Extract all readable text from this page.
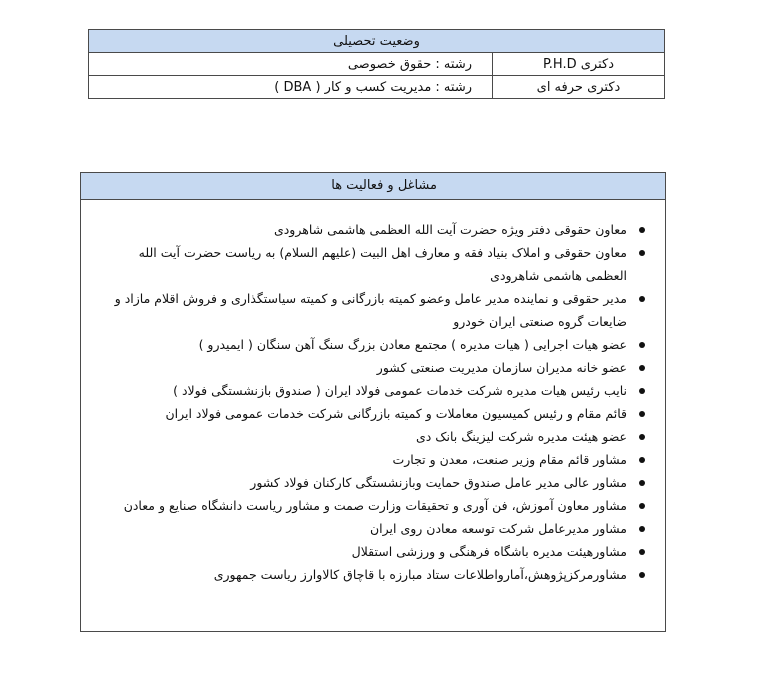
وضعیت تحصیلی	
دکتری P.H.D	رشته : حقوق خصوصی
دکتری حرفه ای	رشته : مدیریت کسب و کار ( DBA )
مشاغل و فعالیت ها
معاون حقوقی دفتر ویژه حضرت آیت الله العظمی هاشمی شاهرودی
معاون حقوقی و املاک بنیاد فقه و معارف اهل البیت (علیهم السلام) به ریاست حضرت آیت الله العظمی هاشمی شاهرودی
مدیر حقوقی و نماینده مدیر عامل وعضو کمیته بازرگانی و کمیته سیاستگذاری و فروش اقلام مازاد و ضایعات گروه صنعتی ایران خودرو
عضو هیات اجرایی ( هیات مدیره ) مجتمع معادن بزرگ سنگ آهن سنگان ( ایمیدرو )
عضو خانه مدیران سازمان مدیریت صنعتی کشور
نایب رئیس هیات مدیره شرکت خدمات عمومی فولاد ایران ( صندوق بازنشستگی فولاد )
قائم مقام و رئیس کمیسیون معاملات و کمیته بازرگانی شرکت خدمات عمومی فولاد ایران
عضو هیئت مدیره شرکت لیزینگ بانک دی
مشاور قائم مقام وزیر صنعت، معدن و تجارت
مشاور عالی مدیر عامل صندوق حمایت وبازنشستگی کارکنان فولاد کشور
مشاور معاون آموزش، فن آوری و تحقیقات وزارت صمت و مشاور ریاست دانشگاه صنایع و معادن
مشاور مدیرعامل شرکت توسعه معادن روی ایران
مشاورهیئت مدیره باشگاه فرهنگی و ورزشی استقلال
مشاورمرکزپژوهش،آمارواطلاعات ستاد مبارزه با قاچاق کالاوارز ریاست جمهوری
